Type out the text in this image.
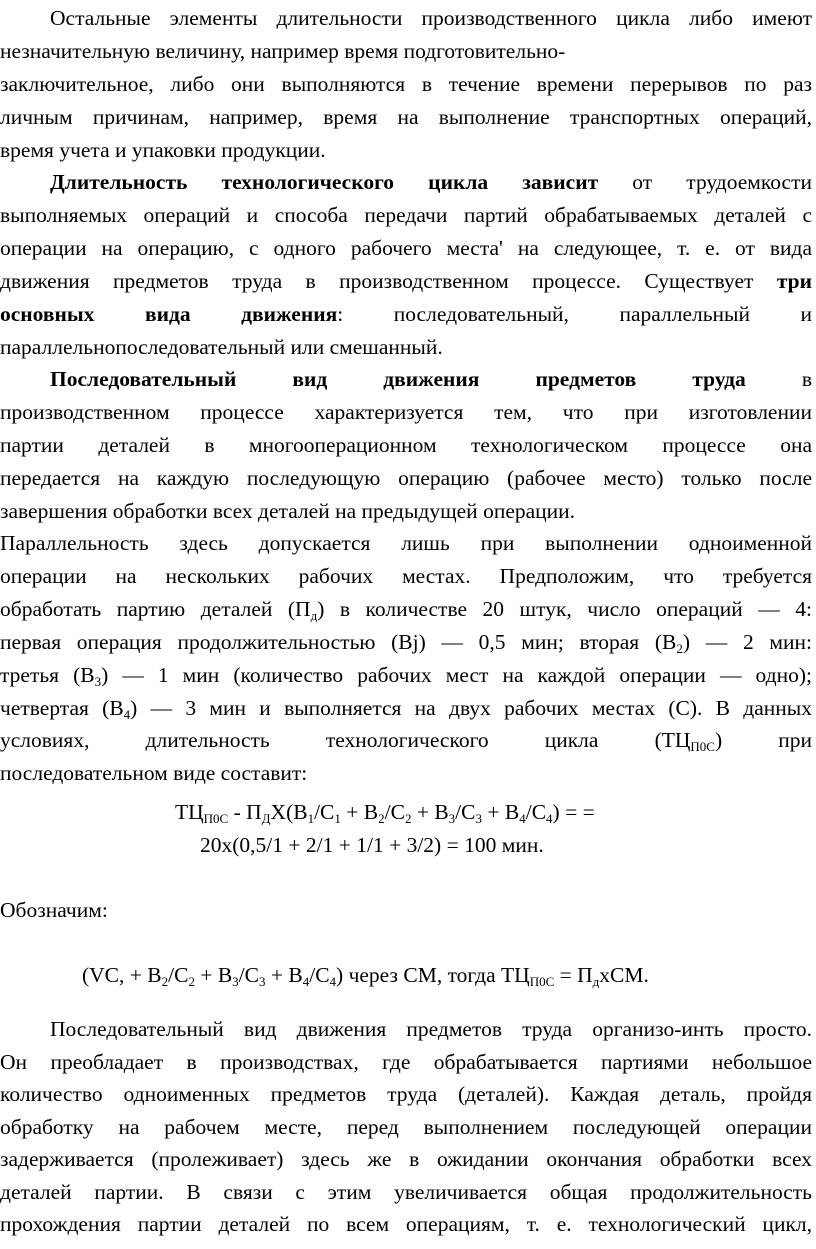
Остальные элементы длительности производственного цикла либо имеют
незначительную величину, например время подготовительно-
заключительное, либо они выполняются в течение времени перерывов по раз
личным причинам, например, время на выполнение транспортных операций,
время учета и упаковки продукции.
Длительность технологического цикла зависит от трудоемкости
выполняемых операций и способа передачи партий обрабатываемых деталей с
операции на операцию, с одного рабочего места' на следующее, т. е. от вида
движения предметов труда в производственном процессе. Существует три
основных вида движения: последовательный, параллельный и
параллельнопоследовательный или смешанный.
Последовательный вид движения предметов труда в
производственном процессе характеризуется тем, что при изготовлении
партии деталей в многооперационном технологическом процессе она
передается на каждую последующую операцию (рабочее место) только после
завершения обработки всех деталей на предыдущей операции.
Параллельность здесь допускается лишь при выполнении одноименной
операции на нескольких рабочих местах. Предположим, что требуется
обработать партию деталей $(П_д)$ в количестве 20 штук, число операций — 4:
первая операция продолжительностью (Bj) — 0,5 мин; вторая $(B_2)$ — 2 мин:
третья $(B_3)$ — 1 мин (количество рабочих мест на каждой операции — одно);
четвертая $(B_4)$ — 3 мин и выполняется на двух рабочих местах (С). В данных
условиях, длительность технологического цикла $(ТЦ_{П0С})$ при
последовательном виде составит:
$ТЦ_{П0С} - П_ДХ(В_1/С_1 + В_2/С_2 + В_3/С_3 + В_4/С_4)$ = =
20х(0,5/1 + 2/1 + 1/1 + 3/2) = 100 мин.
Обозначим:
(VC, + $В_2/С_2 + В_3/С_3 + В_4/С_4$) через СМ, тогда $ТЦ_{П0С} = П_дхСМ$.
Последовательный вид движения предметов труда организо-инть просто.
Он преобладает в производствах, где обрабатывается партиями небольшое
количество одноименных предметов труда (деталей). Каждая деталь, пройдя
обработку на рабочем месте, перед выполнением последующей операции
задерживается (пролеживает) здесь же в ожидании окончания обработки всех
деталей партии. В связи с этим увеличивается общая продолжительность
прохождения партии деталей по всем операциям, т. е. технологический цикл,
